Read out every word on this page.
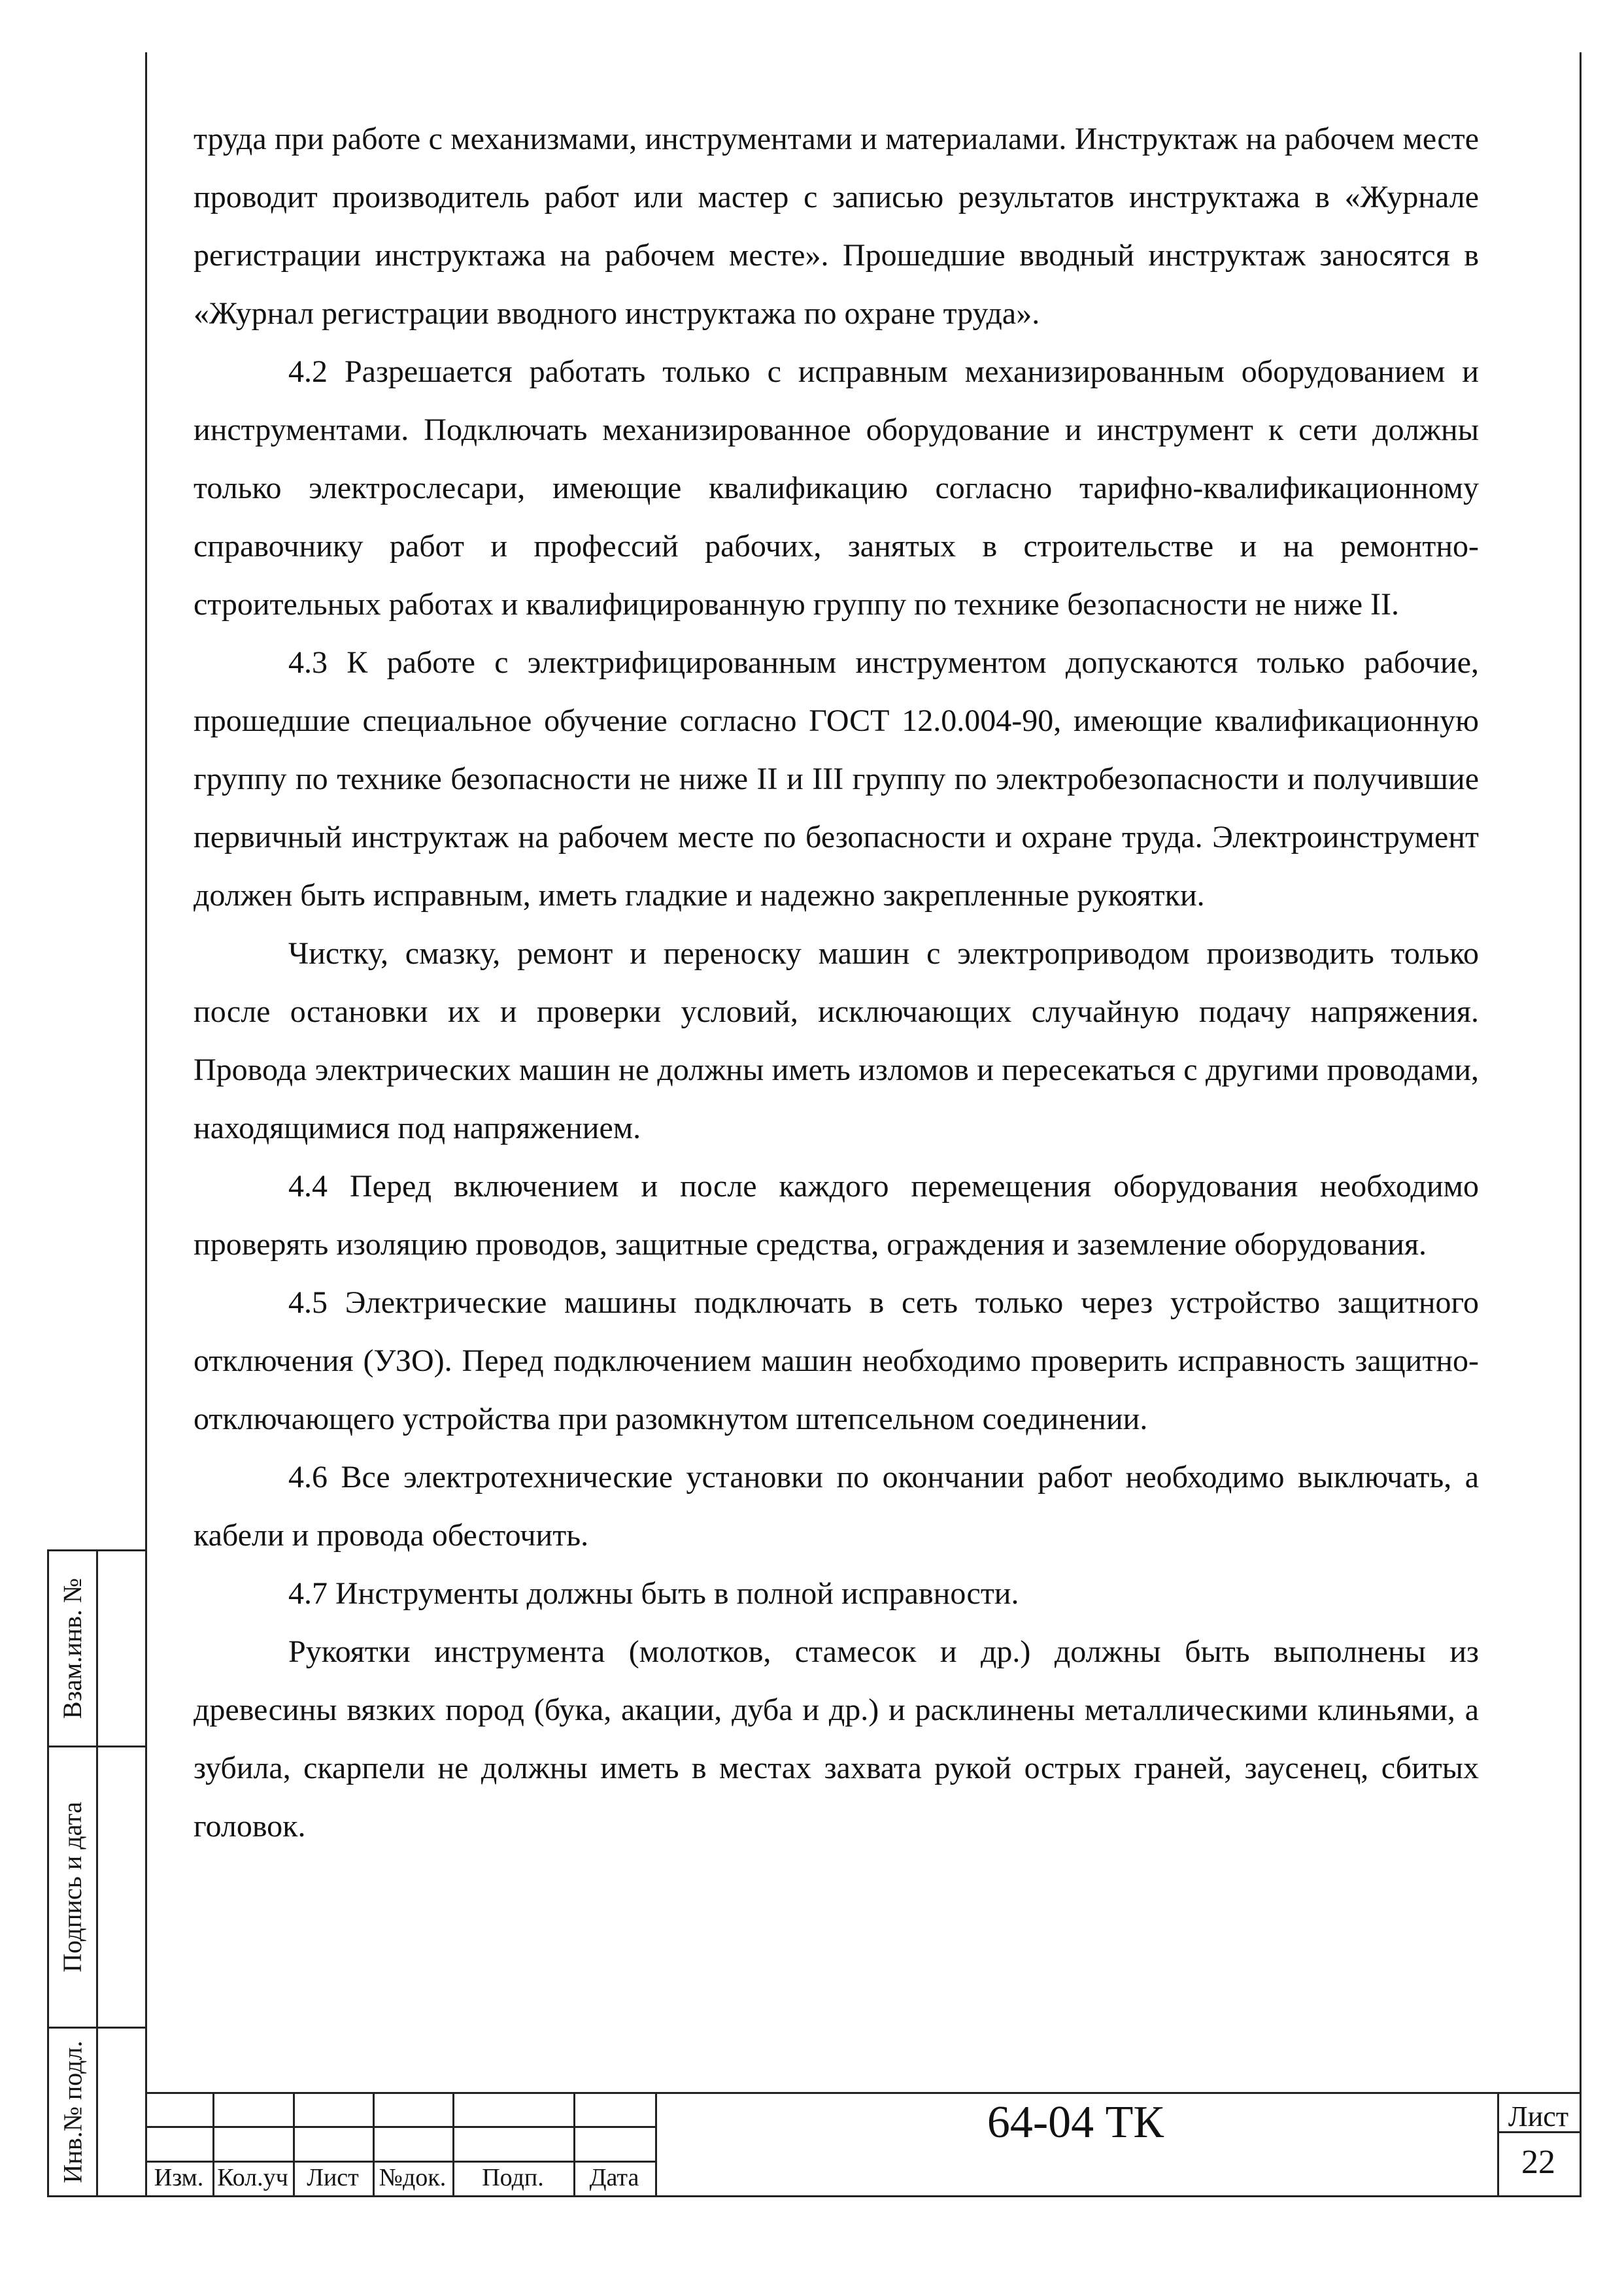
труда при работе с механизмами, инструментами и материалами. Инструктаж на рабочем месте проводит производитель работ или мастер с записью результатов инструктажа в «Журнале регистрации инструктажа на рабочем месте». Прошедшие вводный инструктаж заносятся в «Журнал регистрации вводного инструктажа по охране труда».

4.2 Разрешается работать только с исправным механизированным оборудованием и инструментами. Подключать механизированное оборудование и инструмент к сети должны только электрослесари, имеющие квалификацию согласно тарифно-квалификационному справочнику работ и профессий рабочих, занятых в строительстве и на ремонтно-строительных работах и квалифицированную группу по технике безопасности не ниже II.

4.3 К работе с электрифицированным инструментом допускаются только рабочие, прошедшие специальное обучение согласно ГОСТ 12.0.004-90, имеющие квалификационную группу по технике безопасности не ниже II и III группу по электробезопасности и получившие первичный инструктаж на рабочем месте по безопасности и охране труда. Электроинструмент должен быть исправным, иметь гладкие и надежно закрепленные рукоятки.

Чистку, смазку, ремонт и переноску машин с электроприводом производить только после остановки их и проверки условий, исключающих случайную подачу напряжения. Провода электрических машин не должны иметь изломов и пересекаться с другими проводами, находящимися под напряжением.

4.4 Перед включением и после каждого перемещения оборудования необходимо проверять изоляцию проводов, защитные средства, ограждения и заземление оборудования.

4.5 Электрические машины подключать в сеть только через устройство защитного отключения (УЗО). Перед подключением машин необходимо проверить исправность защитно-отключающего устройства при разомкнутом штепсельном соединении.

4.6 Все электротехнические установки по окончании работ необходимо выключать, а кабели и провода обесточить.

4.7 Инструменты должны быть в полной исправности.

Рукоятки инструмента (молотков, стамесок и др.) должны быть выполнены из древесины вязких пород (бука, акации, дуба и др.) и расклинены металлическими клиньями, а зубила, скарпели не должны иметь в местах захвата рукой острых граней, заусенец, сбитых головок.

Взам.инв. №
Подпись и дата
Инв.№ подл.	Изм. Кол.уч Лист №док.	Подп.	Дата
64-04 ТК	Лист
22
